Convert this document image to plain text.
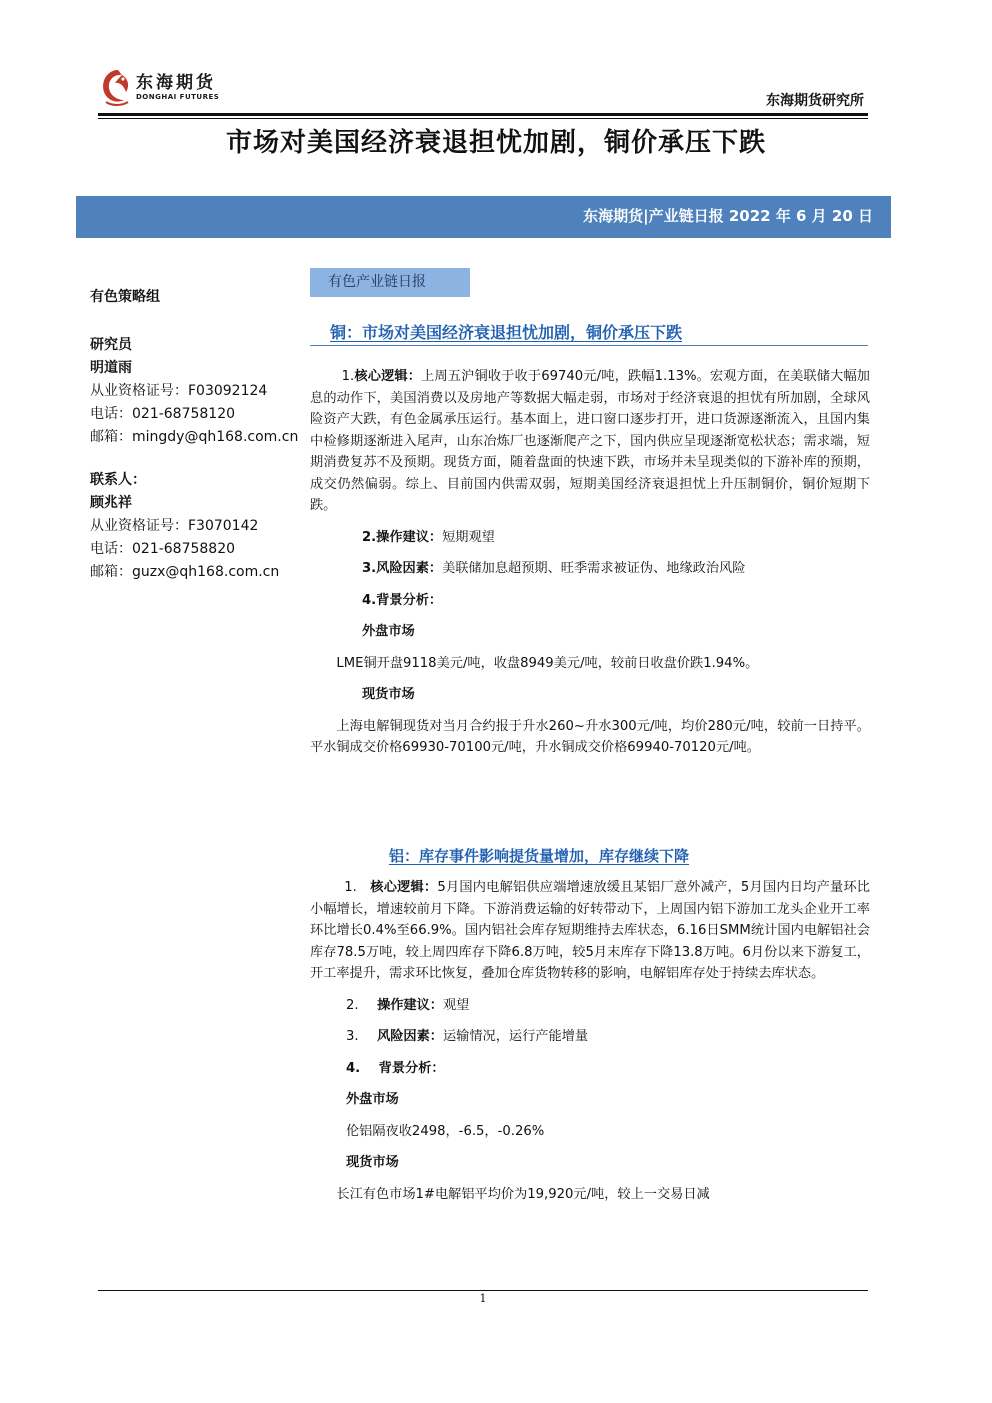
东海期货
DONGHAI FUTURES	东海期货研究所
市场对美国经济衰退担忧加剧，铜价承压下跌
东海期货|产业链日报 2022 年 6 月 20 日
有色策略组
研究员
明道雨
从业资格证号：F03092124
电话：021-68758120
邮箱：mingdy@qh168.com.cn
联系人：
顾兆祥
从业资格证号：F3070142
电话：021-68758820
邮箱：guzx@qh168.com.cn
有色产业链日报
铜：市场对美国经济衰退担忧加剧，铜价承压下跌

1.核心逻辑：上周五沪铜收于收于69740元/吨，跌幅1.13%。宏观方面，在美联储大幅加息的动作下，美国消费以及房地产等数据大幅走弱，市场对于经济衰退的担忧有所加剧，全球风险资产大跌，有色金属承压运行。基本面上，进口窗口逐步打开，进口货源逐渐流入，且国内集中检修期逐渐进入尾声，山东冶炼厂也逐渐爬产之下，国内供应呈现逐渐宽松状态；需求端，短期消费复苏不及预期。现货方面，随着盘面的快速下跌，市场并未呈现类似的下游补库的预期，成交仍然偏弱。综上、目前国内供需双弱，短期美国经济衰退担忧上升压制铜价，铜价短期下跌。

2.操作建议：短期观望

3.风险因素：美联储加息超预期、旺季需求被证伪、地缘政治风险

4.背景分析：

外盘市场

LME铜开盘9118美元/吨，收盘8949美元/吨，较前日收盘价跌1.94%。

现货市场

上海电解铜现货对当月合约报于升水260~升水300元/吨，均价280元/吨，较前一日持平。平水铜成交价格69930-70100元/吨，升水铜成交价格69940-70120元/吨。

铝：库存事件影响提货量增加，库存继续下降

1. 核心逻辑：5月国内电解铝供应端增速放缓且某铝厂意外减产，5月国内日均产量环比小幅增长，增速较前月下降。下游消费运输的好转带动下，上周国内铝下游加工龙头企业开工率环比增长0.4%至66.9%。国内铝社会库存短期维持去库状态，6.16日SMM统计国内电解铝社会库存78.5万吨，较上周四库存下降6.8万吨，较5月末库存下降13.8万吨。6月份以来下游复工，开工率提升，需求环比恢复，叠加仓库货物转移的影响，电解铝库存处于持续去库状态。

2. 操作建议：观望

3. 风险因素：运输情况，运行产能增量

4. 背景分析：

外盘市场

伦铝隔夜收2498，-6.5，-0.26%

现货市场

长江有色市场1#电解铝平均价为19,920元/吨，较上一交易日减

1
